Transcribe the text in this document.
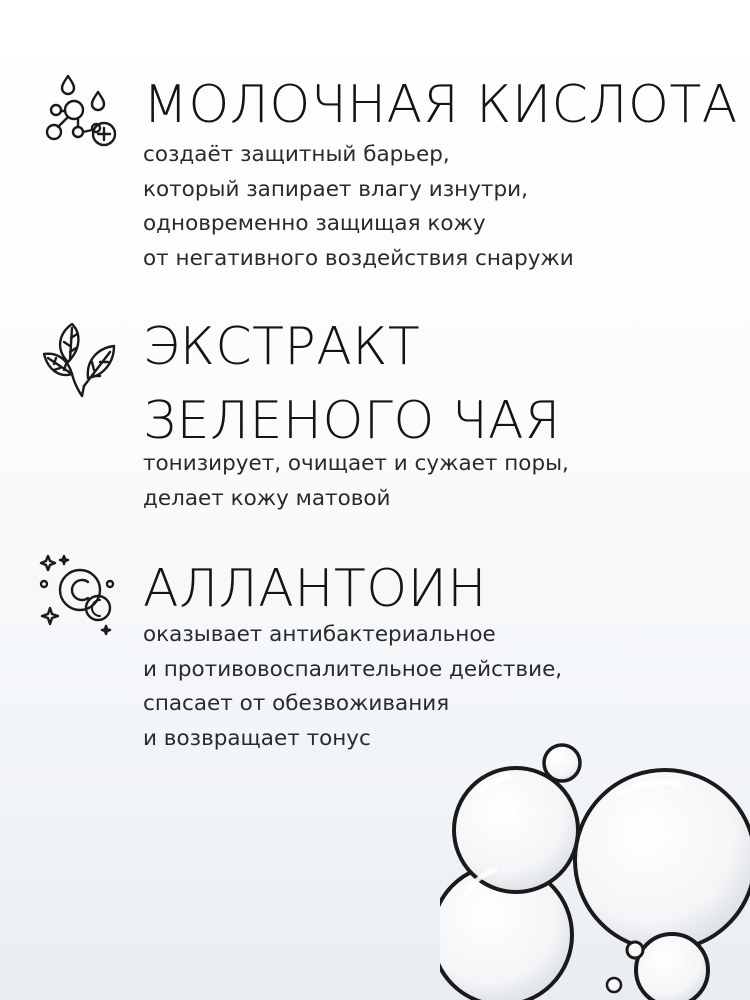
МОЛОЧНАЯ КИСЛОТА
создаёт защитный барьер,
который запирает влагу изнутри,
одновременно защищая кожу
от негативного воздействия снаружи
ЭКСТРАКТ
ЗЕЛЕНОГО ЧАЯ
тонизирует, очищает и сужает поры,
делает кожу матовой
АЛЛАНТОИН
оказывает антибактериальное
и противовоспалительное действие,
спасает от обезвоживания
и возвращает тонус
